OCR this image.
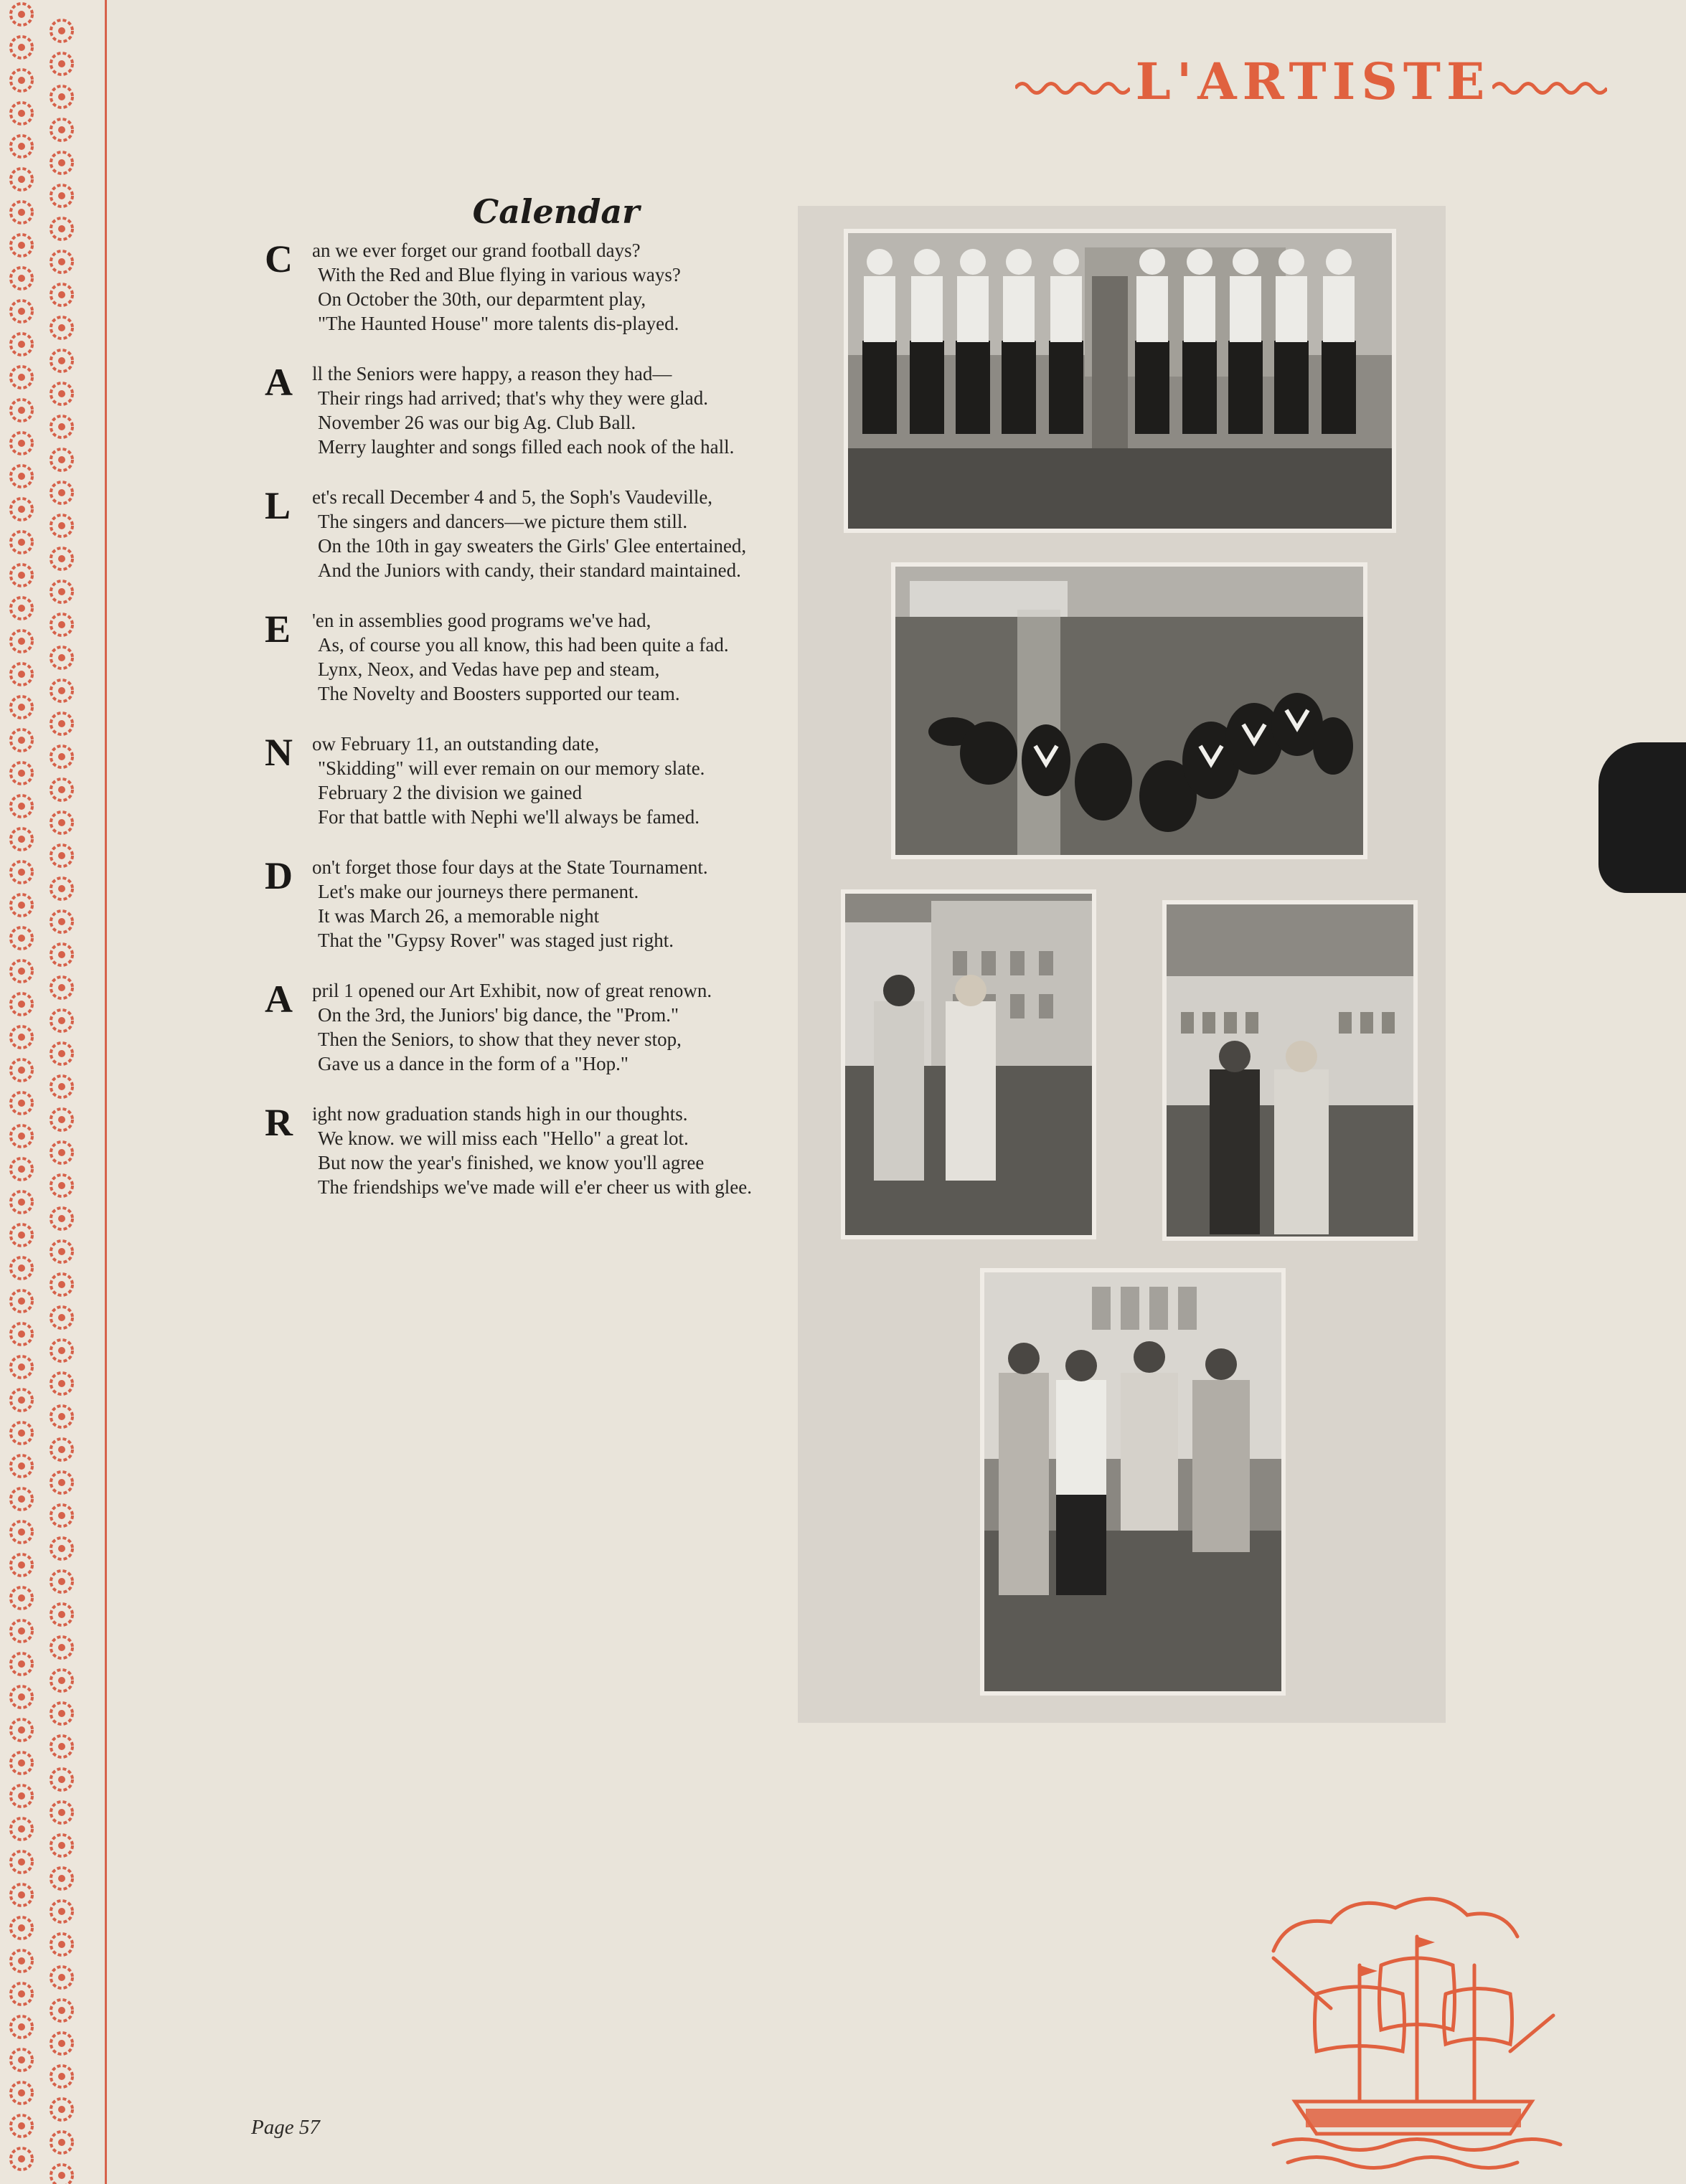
L'ARTISTE
Calendar
C	an we ever forget our grand football days?
With the Red and Blue flying in various ways?
On October the 30th, our deparmtent play,
"The Haunted House" more talents dis-played.
A	ll the Seniors were happy, a reason they had—
Their rings had arrived; that's why they were glad.
November 26 was our big Ag. Club Ball.
Merry laughter and songs filled each nook of the hall.
L	et's recall December 4 and 5, the Soph's Vaudeville,
The singers and dancers—we picture them still.
On the 10th in gay sweaters the Girls' Glee entertained,
And the Juniors with candy, their standard maintained.
E	'en in assemblies good programs we've had,
As, of course you all know, this had been quite a fad.
Lynx, Neox, and Vedas have pep and steam,
The Novelty and Boosters supported our team.
N	ow February 11, an outstanding date,
"Skidding" will ever remain on our memory slate.
February 2 the division we gained
For that battle with Nephi we'll always be famed.
D	on't forget those four days at the State Tournament.
Let's make our journeys there permanent.
It was March 26, a memorable night
That the "Gypsy Rover" was staged just right.
A	pril 1 opened our Art Exhibit, now of great renown.
On the 3rd, the Juniors' big dance, the "Prom."
Then the Seniors, to show that they never stop,
Gave us a dance in the form of a "Hop."
R	ight now graduation stands high in our thoughts.
We know. we will miss each "Hello" a great lot.
But now the year's finished, we know you'll agree
The friendships we've made will e'er cheer us with glee.
Page 57
